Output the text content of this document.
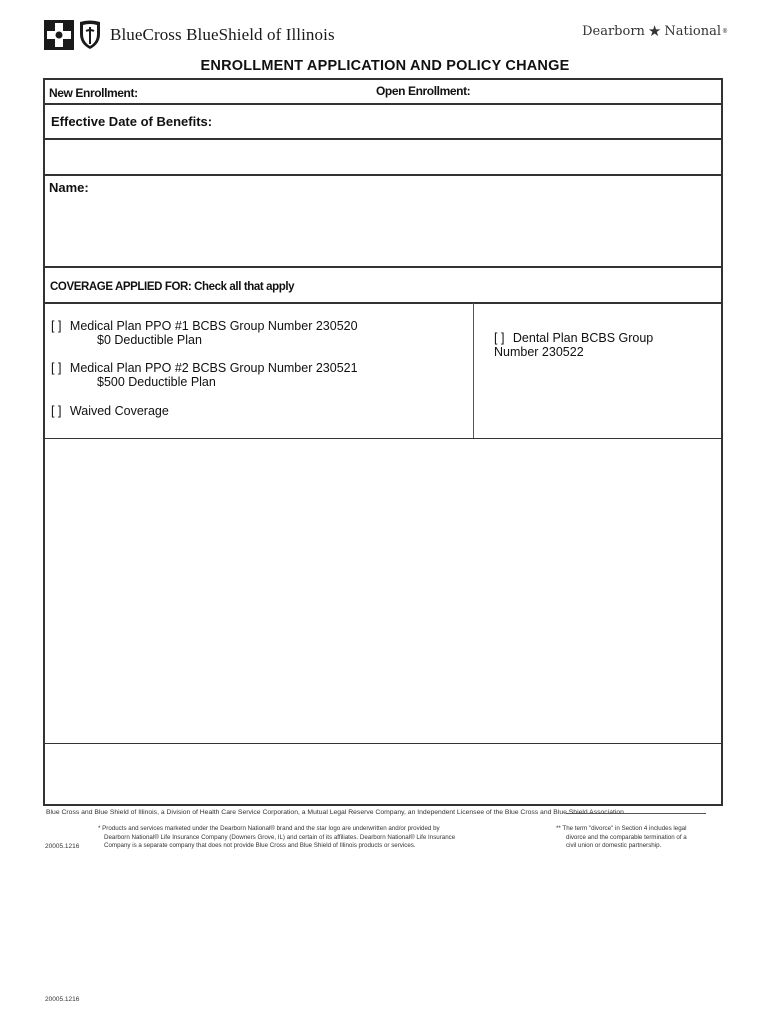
BlueCross BlueShield of Illinois	Dearborn ★ National ®
ENROLLMENT APPLICATION AND POLICY CHANGE
New Enrollment:	Open Enrollment:
Effective Date of Benefits:
Name:
COVERAGE APPLIED FOR: Check all that apply
[ ] Medical Plan PPO #1 BCBS Group Number 230520
$0 Deductible Plan
[ ] Medical Plan PPO #2 BCBS Group Number 230521
$500 Deductible Plan
[ ] Waived Coverage
[ ] Dental Plan BCBS Group
Number 230522
Blue Cross and Blue Shield of Illinois, a Division of Health Care Service Corporation, a Mutual Legal Reserve Company, an Independent Licensee of the Blue Cross and Blue Shield Association
* Products and services marketed under the Dearborn National® brand and the star logo are underwritten and/or provided by
Dearborn National® Life Insurance Company (Downers Grove, IL) and certain of its affiliates. Dearborn National® Life Insurance
Company is a separate company that does not provide Blue Cross and Blue Shield of Illinois products or services.
** The term "divorce" in Section 4 includes legal
divorce and the comparable termination of a
civil union or domestic partnership.
20005.1216
20005.1216
